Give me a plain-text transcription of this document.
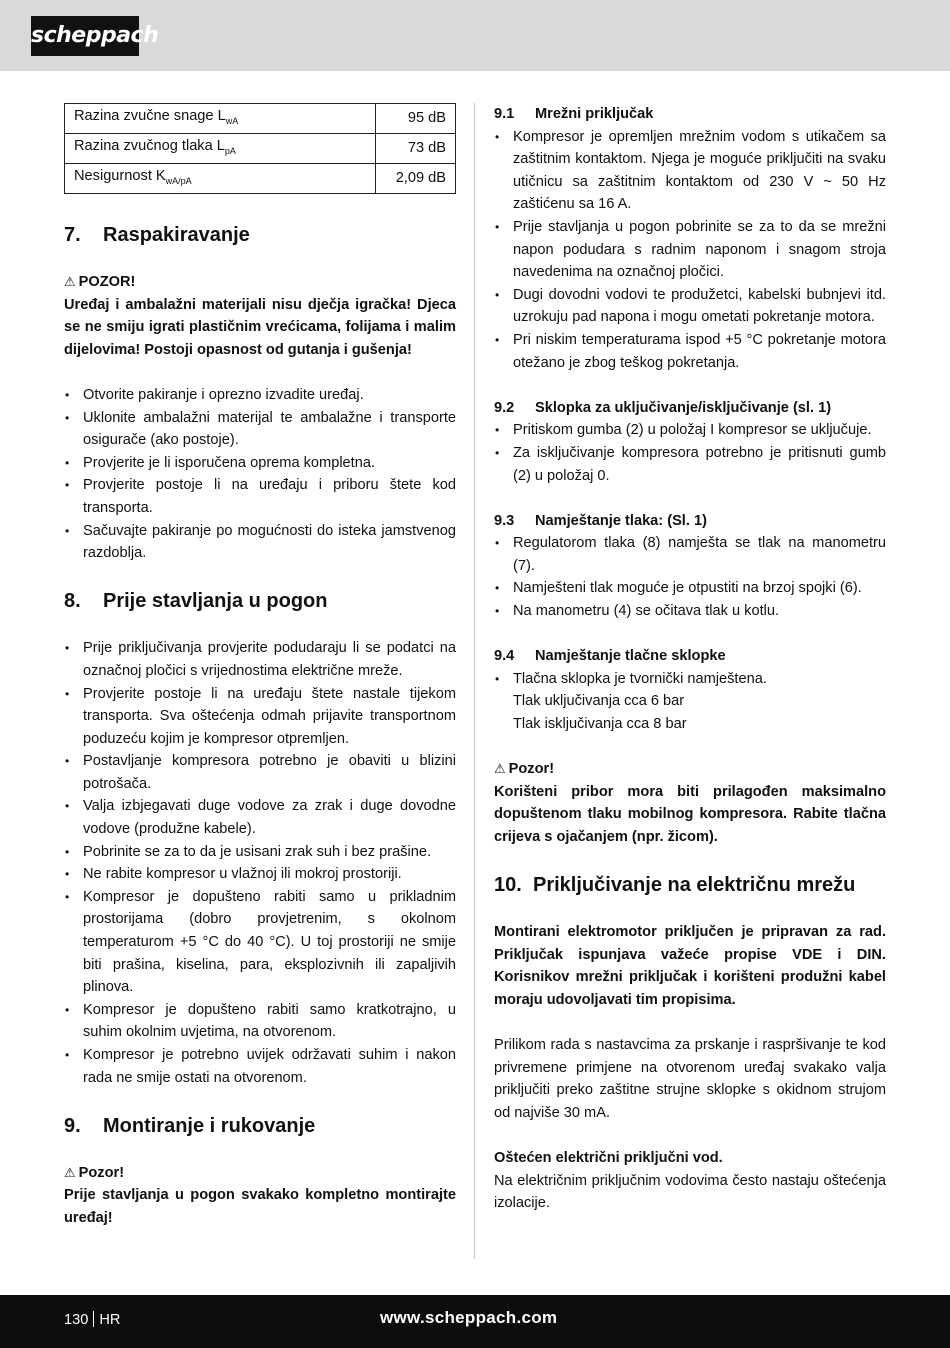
scheppach
Razina zvučne snage $L_{wA}$	95 dB
Razina zvučnog tlaka $L_{pA}$	73 dB
Nesigurnost $K_{wA/pA}$	2,09 dB
7. Raspakiravanje
⚠ POZOR!

Uređaj i ambalažni materijali nisu dječja igračka! Djeca se ne smiju igrati plastičnim vrećicama, folijama i malim dijelovima! Postoji opasnost od gutanja i gušenja!

• Otvorite pakiranje i oprezno izvadite uređaj.
• Uklonite ambalažni materijal te ambalažne i transporte osigurače (ako postoje).
• Provjerite je li isporučena oprema kompletna.
• Provjerite postoje li na uređaju i priboru štete kod transporta.
• Sačuvajte pakiranje po mogućnosti do isteka jamstvenog razdoblja.
8. Prije stavljanja u pogon
• Prije priključivanja provjerite podudaraju li se podatci na označnoj pločici s vrijednostima električne mreže.
• Provjerite postoje li na uređaju štete nastale tijekom transporta. Sva oštećenja odmah prijavite transportnom poduzeću kojim je kompresor otpremljen.
• Postavljanje kompresora potrebno je obaviti u blizini potrošača.
• Valja izbjegavati duge vodove za zrak i duge dovodne vodove (produžne kabele).
• Pobrinite se za to da je usisani zrak suh i bez prašine.
• Ne rabite kompresor u vlažnoj ili mokroj prostoriji.
• Kompresor je dopušteno rabiti samo u prikladnim prostorijama (dobro provjetrenim, s okolnom temperaturom +5 °C do 40 °C). U toj prostoriji ne smije biti prašina, kiselina, para, eksplozivnih ili zapaljivih plinova.
• Kompresor je dopušteno rabiti samo kratkotrajno, u suhim okolnim uvjetima, na otvorenom.
• Kompresor je potrebno uvijek održavati suhim i nakon rada ne smije ostati na otvorenom.
9. Montiranje i rukovanje
⚠ Pozor!

Prije stavljanja u pogon svakako kompletno montirajte uređaj!

9.1 Mrežni priključak
• Kompresor je opremljen mrežnim vodom s utikačem sa zaštitnim kontaktom. Njega je moguće priključiti na svaku utičnicu sa zaštitnim kontaktom od 230 V ~ 50 Hz zaštićenu sa 16 A.
• Prije stavljanja u pogon pobrinite se za to da se mrežni napon podudara s radnim naponom i snagom stroja navedenima na označnoj pločici.
• Dugi dovodni vodovi te produžetci, kabelski bubnjevi itd. uzrokuju pad napona i mogu ometati pokretanje motora.
• Pri niskim temperaturama ispod +5 °C pokretanje motora otežano je zbog teškog pokretanja.
9.2 Sklopka za uključivanje/isključivanje (sl. 1)
• Pritiskom gumba (2) u položaj I kompresor se uključuje.
• Za isključivanje kompresora potrebno je pritisnuti gumb (2) u položaj 0.
9.3 Namještanje tlaka: (Sl. 1)
• Regulatorom tlaka (8) namješta se tlak na manometru (7).
• Namješteni tlak moguće je otpustiti na brzoj spojki (6).
• Na manometru (4) se očitava tlak u kotlu.
9.4 Namještanje tlačne sklopke
• Tlačna sklopka je tvornički namještena.
Tlak uključivanja cca 6 bar
Tlak isključivanja cca 8 bar
⚠ Pozor!

Korišteni pribor mora biti prilagođen maksimalno dopuštenom tlaku mobilnog kompresora. Rabite tlačna crijeva s ojačanjem (npr. žicom).

10. Priključivanje na električnu mrežu

Montirani elektromotor priključen je pripravan za rad. Priključak ispunjava važeće propise VDE i DIN. Korisnikov mrežni priključak i korišteni produžni kabel moraju udovoljavati tim propisima.

Prilikom rada s nastavcima za prskanje i raspršivanje te kod privremene primjene na otvorenom uređaj svakako valja priključiti preko zaštitne strujne sklopke s okidnom strujom od najviše 30 mA.

Oštećen električni priključni vod.

Na električnim priključnim vodovima često nastaju oštećenja izolacije.

130 HR	www.scheppach.com
